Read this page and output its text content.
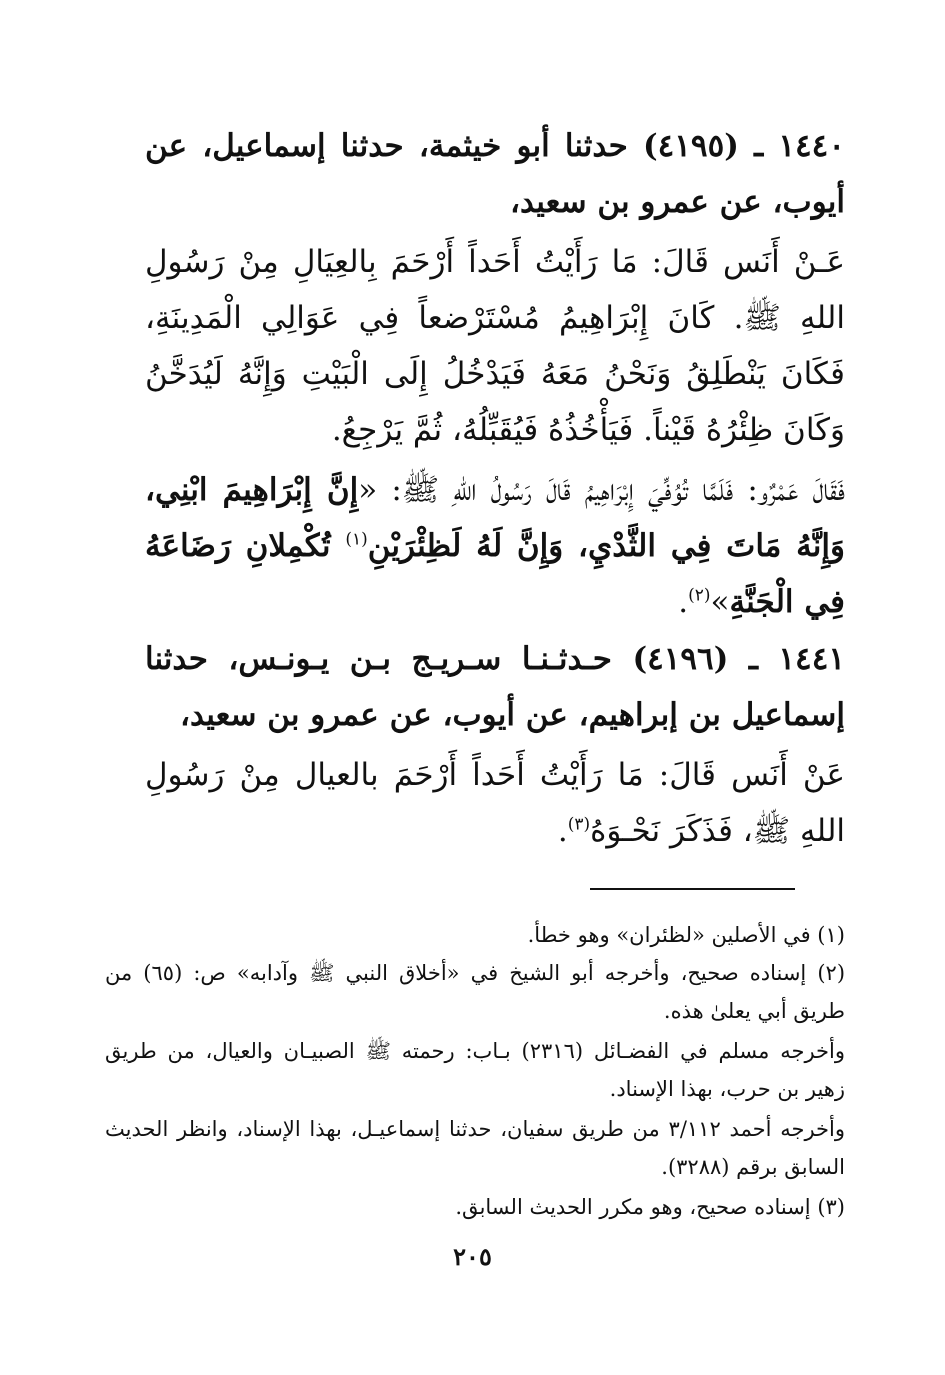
١٤٤٠ ـ (٤١٩٥) حدثنا أبو خيثمة، حدثنا إسماعيل، عن أيوب، عن عمرو بن سعيد،

عَـنْ أَنَس قَالَ: مَا رَأَيْتُ أَحَداً أَرْحَمَ بِالعِيَالِ مِنْ رَسُولِ اللهِ ﷺ. كَانَ إِبْرَاهِيمُ مُسْتَرْضعاً فِي عَوَالِي الْمَدِينَةِ، فَكَانَ يَنْطَلِقُ وَنَحْنُ مَعَهُ فَيَدْخُلُ إِلَى الْبَيْتِ وَإِنَّهُ لَيُدَخَّنُ وَكَانَ ظِئْرُهُ قَيْناً. فَيَأْخُذُهُ فَيُقَبِّلُهُ، ثُمَّ يَرْجِعُ.

فَقَالَ عَمْرٌو: فَلَمَّا تُوُفِّيَ إِبْرَاهِيمُ قَالَ رَسُولُ اللهِ ﷺ: «إِنَّ إِبْرَاهِيمَ ابْنِي، وَإِنَّهُ مَاتَ فِي الثَّدْيِ، وَإِنَّ لَهُ لَظِئْرَيْنِ$^{(١)}$ تُكْمِلانِ رَضَاعَهُ فِي الْجَنَّةِ»$^{(٢)}$.

١٤٤١ ـ (٤١٩٦) حـدثـنـا سـريـج بـن يـونـس، حدثنا إسماعيل بن إبراهيم، عن أيوب، عن عمرو بن سعيد،

عَنْ أَنَس قَالَ: مَا رَأَيْتُ أَحَداً أَرْحَمَ بالعيال مِنْ رَسُولِ اللهِ ﷺ، فَذَكَرَ نَحْـوَهُ$^{(٣)}$.

(١) في الأصلين «لظئران» وهو خطأ.

(٢) إسناده صحيح، وأخرجه أبو الشيخ في «أخلاق النبي ﷺ وآدابه» ص: (٦٥) من طريق أبي يعلىٰ هذه.

وأخرجه مسلم في الفضـائل (٢٣١٦) بـاب: رحمته ﷺ الصبيـان والعيال، من طريق زهير بن حرب، بهذا الإسناد.

وأخرجه أحمد ٣/١١٢ من طريق سفيان، حدثنا إسماعيـل، بهذا الإسناد، وانظر الحديث السابق برقم (٣٢٨٨).

(٣) إسناده صحيح، وهو مكرر الحديث السابق.

٢٠٥
